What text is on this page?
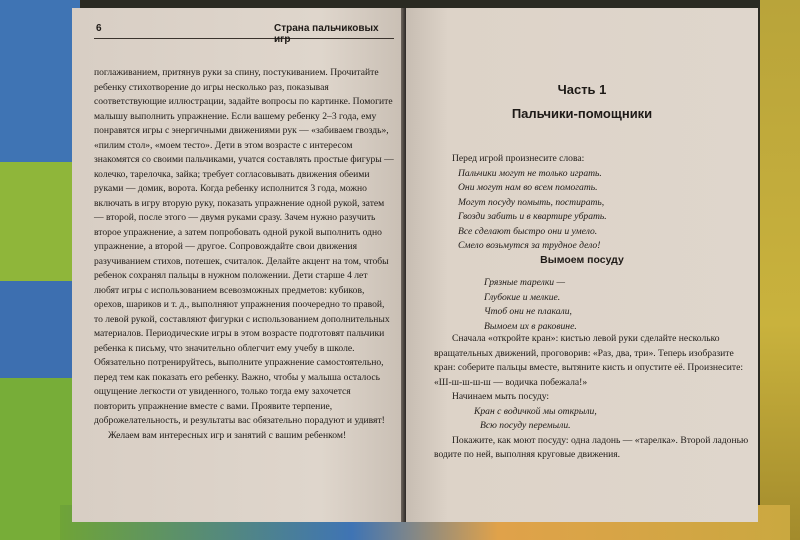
6	Страна пальчиковых игр

поглаживанием, притянув руки за спину, постукиванием. Прочитайте ребенку стихотворение до игры несколько раз, показывая соответствующие иллюстрации, задайте вопросы по картинке. Помогите малышу выполнить упражнение. Если вашему ребенку 2–3 года, ему понравятся игры с энергичными движениями рук — «забиваем гвоздь», «пилим стол», «моем тесто». Дети в этом возрасте с интересом знакомятся со своими пальчиками, учатся составлять простые фигуры — колечко, тарелочка, зайка; требует согласовывать движения обеими руками — домик, ворота. Когда ребенку исполнится 3 года, можно включать в игру вторую руку, показать упражнение одной рукой, затем — второй, после этого — двумя руками сразу. Зачем нужно разучить второе упражнение, а затем попробовать одной рукой выполнить одно упражнение, а второй — другое. Сопровождайте свои движения разучиванием стихов, потешек, считалок. Делайте акцент на том, чтобы ребенок сохранял пальцы в нужном положении. Дети старше 4 лет любят игры с использованием всевозможных предметов: кубиков, орехов, шариков и т. д., выполняют упражнения поочередно то правой, то левой рукой, составляют фигурки с использованием дополнительных материалов. Периодические игры в этом возрасте подготовят пальчики ребенка к письму, что значительно облегчит ему учебу в школе. Обязательно потренируйтесь, выполните упражнение самостоятельно, перед тем как показать его ребенку. Важно, чтобы у малыша осталось ощущение легкости от увиденного, только тогда ему захочется повторить упражнение вместе с вами. Проявите терпение, доброжелательность, и результаты вас обязательно порадуют и удивят!

Желаем вам интересных игр и занятий с вашим ребенком!

Часть 1
Пальчики-помощники
Перед игрой произнесите слова:
Пальчики могут не только играть.
Они могут нам во всем помогать.
Могут посуду помыть, постирать,
Гвозди забить и в квартире убрать.
Все сделают быстро они и умело.
Смело возьмутся за трудное дело!
Вымоем посуду
Грязные тарелки —
Глубокие и мелкие.
Чтоб они не плакали,
Вымоем их в раковине.

Сначала «откройте кран»: кистью левой руки сделайте несколько вращательных движений, проговорив: «Раз, два, три». Теперь изобразите кран: соберите пальцы вместе, вытяните кисть и опустите её. Произнесите: «Ш-ш-ш-ш-ш — водичка побежала!»

Начинаем мыть посуду:

Кран с водичкой мы открыли,
Всю посуду перемыли.

Покажите, как моют посуду: одна ладонь — «тарелка». Второй ладонью водите по ней, выполняя круговые движения.
